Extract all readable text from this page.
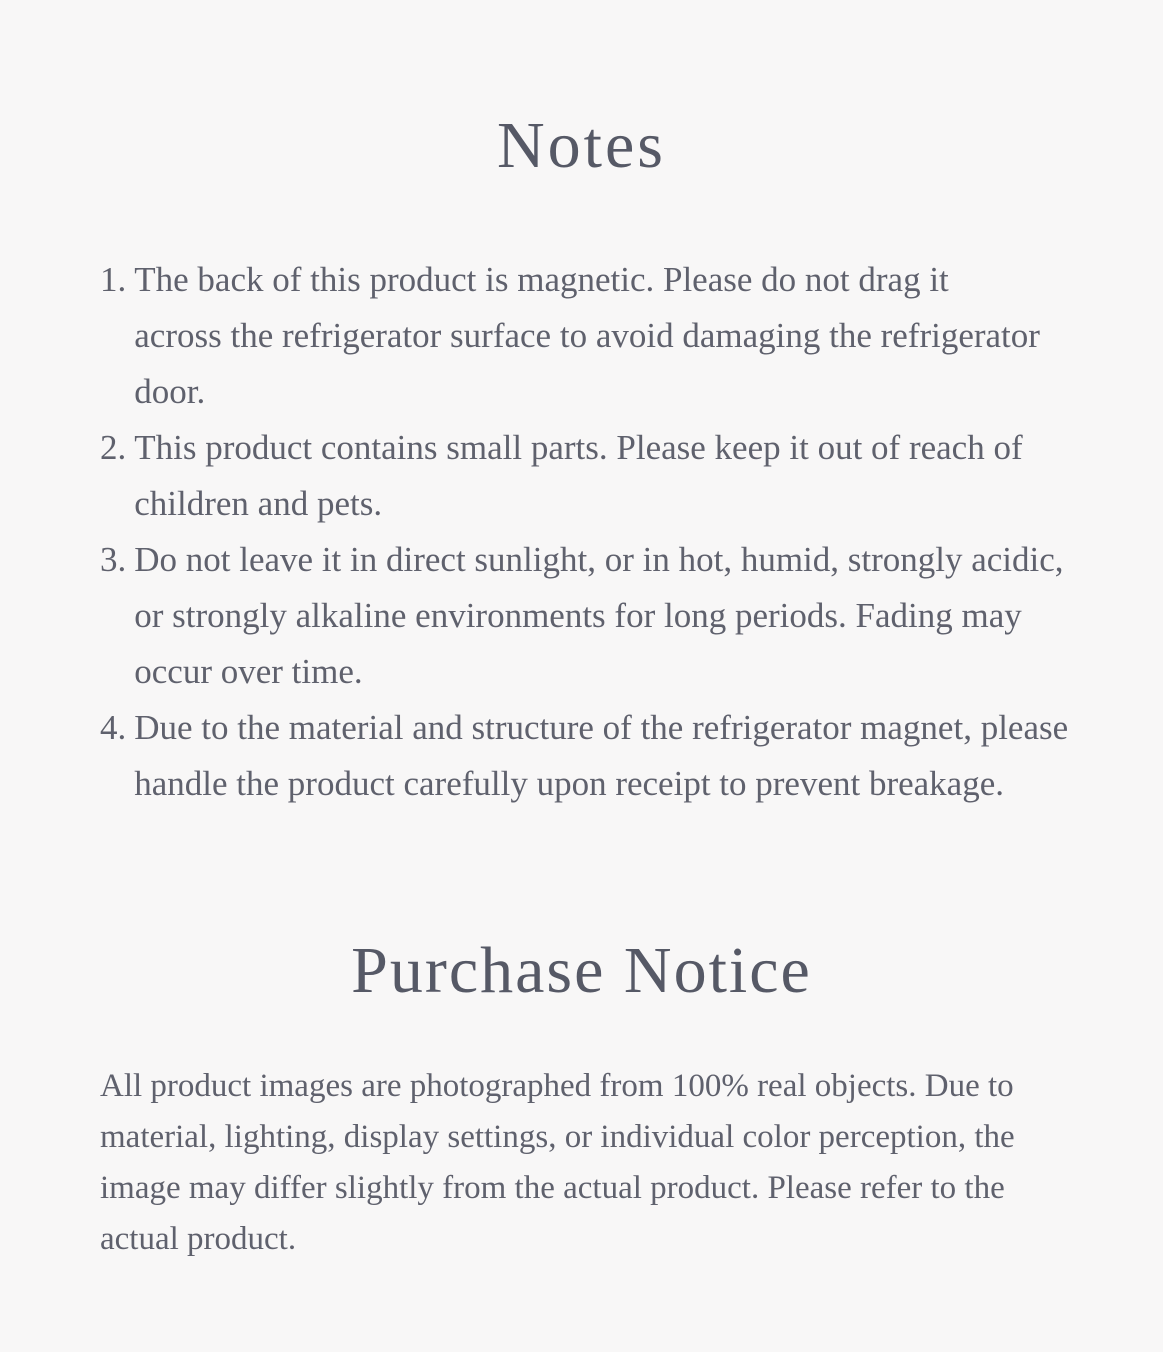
Notes
1. The back of this product is magnetic. Please do not drag it across the refrigerator surface to avoid damaging the refrigerator door.
2. This product contains small parts. Please keep it out of reach of children and pets.
3. Do not leave it in direct sunlight, or in hot, humid, strongly acidic, or strongly alkaline environments for long periods. Fading may occur over time.
4. Due to the material and structure of the refrigerator magnet, please handle the product carefully upon receipt to prevent breakage.
Purchase Notice

All product images are photographed from 100% real objects. Due to material, lighting, display settings, or individual color perception, the image may differ slightly from the actual product. Please refer to the actual product.
